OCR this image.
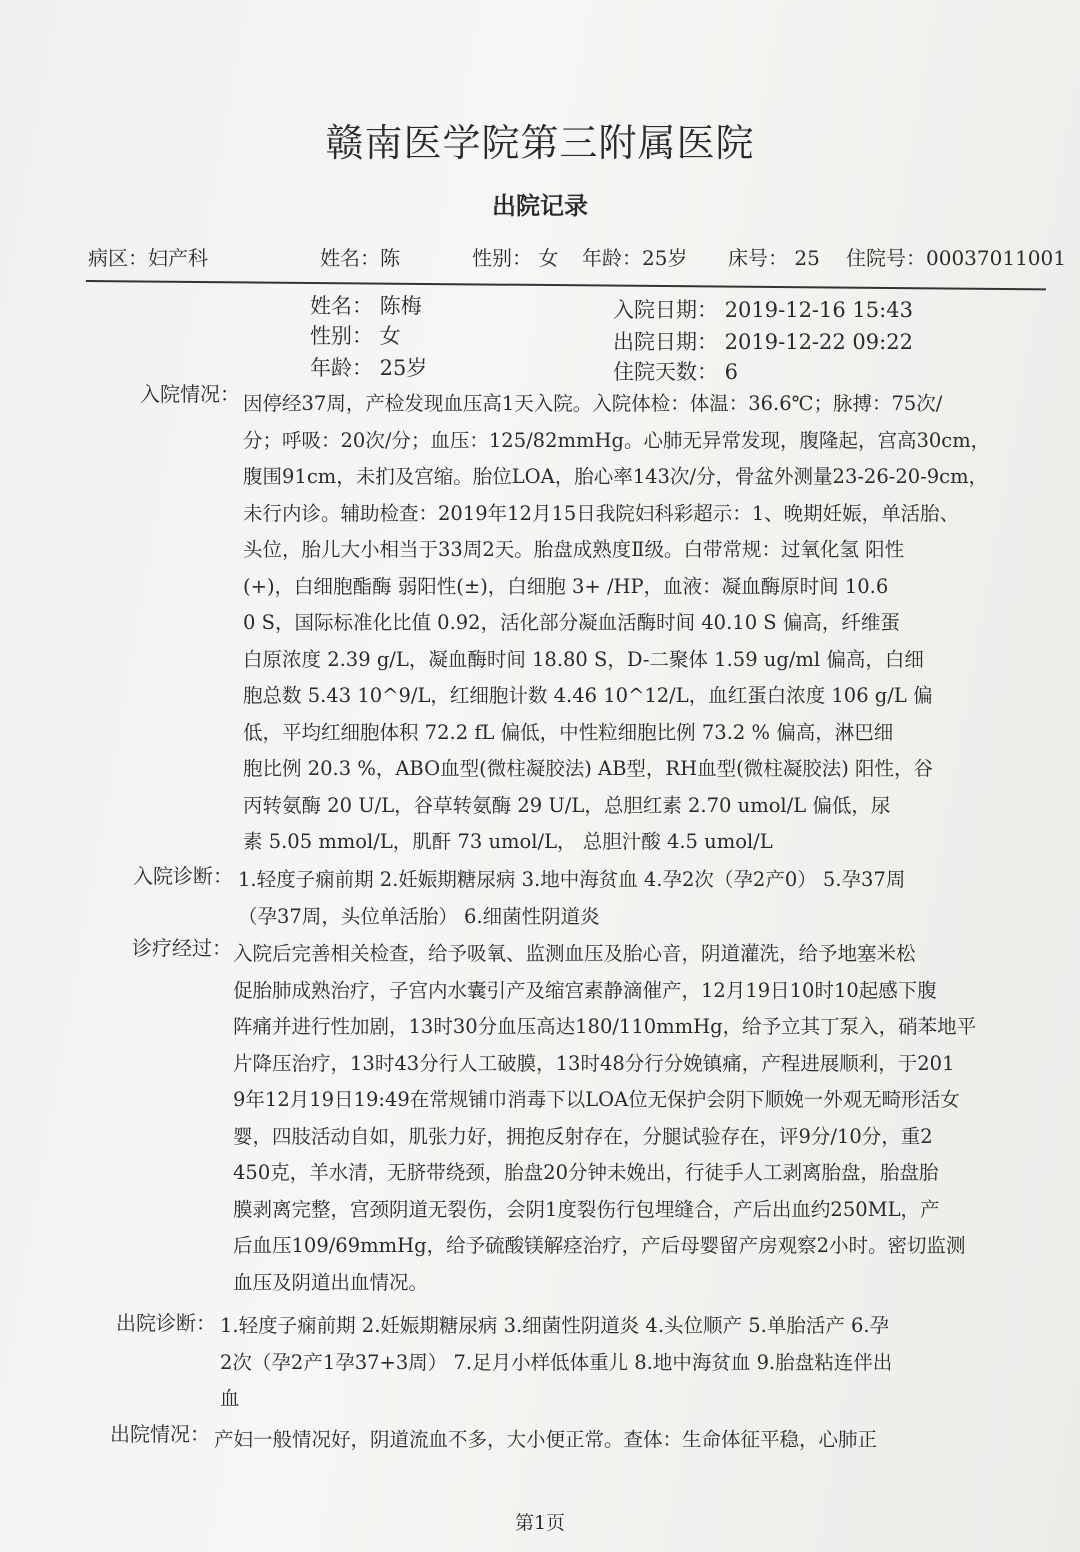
赣南医学院第三附属医院
出院记录
病区：妇产科	姓名：陈	性别： 女 年龄：25岁 床号： 25 住院号：00037011001
姓名： 陈梅
性别： 女
年龄： 25岁
入院日期： 2019-12-16 15:43
出院日期： 2019-12-22 09:22
住院天数： 6
入院情况： 因停经37周，产检发现血压高1天入院。入院体检：体温：36.6℃；脉搏：75次/

分；呼吸：20次/分；血压：125/82mmHg。心肺无异常发现，腹隆起，宫高30cm，

腹围91cm，未扪及宫缩。胎位LOA，胎心率143次/分，骨盆外测量23-26-20-9cm，

未行内诊。辅助检查：2019年12月15日我院妇科彩超示：1、晚期妊娠，单活胎、

头位，胎儿大小相当于33周2天。胎盘成熟度Ⅱ级。白带常规：过氧化氢 阳性

(+)，白细胞酯酶 弱阳性(±)，白细胞 3+ /HP，血液：凝血酶原时间 10.6

0 S，国际标准化比值 0.92，活化部分凝血活酶时间 40.10 S 偏高，纤维蛋

白原浓度 2.39 g/L，凝血酶时间 18.80 S，D-二聚体 1.59 ug/ml 偏高，白细

胞总数 5.43 10^9/L，红细胞计数 4.46 10^12/L，血红蛋白浓度 106 g/L 偏

低，平均红细胞体积 72.2 fL 偏低，中性粒细胞比例 73.2 % 偏高，淋巴细

胞比例 20.3 %，ABO血型(微柱凝胶法) AB型，RH血型(微柱凝胶法) 阳性，谷

丙转氨酶 20 U/L，谷草转氨酶 29 U/L，总胆红素 2.70 umol/L 偏低，尿

素 5.05 mmol/L，肌酐 73 umol/L， 总胆汁酸 4.5 umol/L

入院诊断： 1.轻度子痫前期 2.妊娠期糖尿病 3.地中海贫血 4.孕2次（孕2产0） 5.孕37周

（孕37周，头位单活胎） 6.细菌性阴道炎

诊疗经过： 入院后完善相关检查，给予吸氧、监测血压及胎心音，阴道灌洗，给予地塞米松

促胎肺成熟治疗，子宫内水囊引产及缩宫素静滴催产，12月19日10时10起感下腹

阵痛并进行性加剧，13时30分血压高达180/110mmHg，给予立其丁泵入，硝苯地平

片降压治疗，13时43分行人工破膜，13时48分行分娩镇痛，产程进展顺利，于201

9年12月19日19:49在常规铺巾消毒下以LOA位无保护会阴下顺娩一外观无畸形活女

婴，四肢活动自如，肌张力好，拥抱反射存在，分腿试验存在，评9分/10分，重2

450克，羊水清，无脐带绕颈，胎盘20分钟未娩出，行徒手人工剥离胎盘，胎盘胎

膜剥离完整，宫颈阴道无裂伤，会阴1度裂伤行包埋缝合，产后出血约250ML，产

后血压109/69mmHg，给予硫酸镁解痉治疗，产后母婴留产房观察2小时。密切监测

血压及阴道出血情况。

出院诊断： 1.轻度子痫前期 2.妊娠期糖尿病 3.细菌性阴道炎 4.头位顺产 5.单胎活产 6.孕

2次（孕2产1孕37+3周） 7.足月小样低体重儿 8.地中海贫血 9.胎盘粘连伴出

血

出院情况： 产妇一般情况好，阴道流血不多，大小便正常。查体：生命体征平稳，心肺正

第1页
